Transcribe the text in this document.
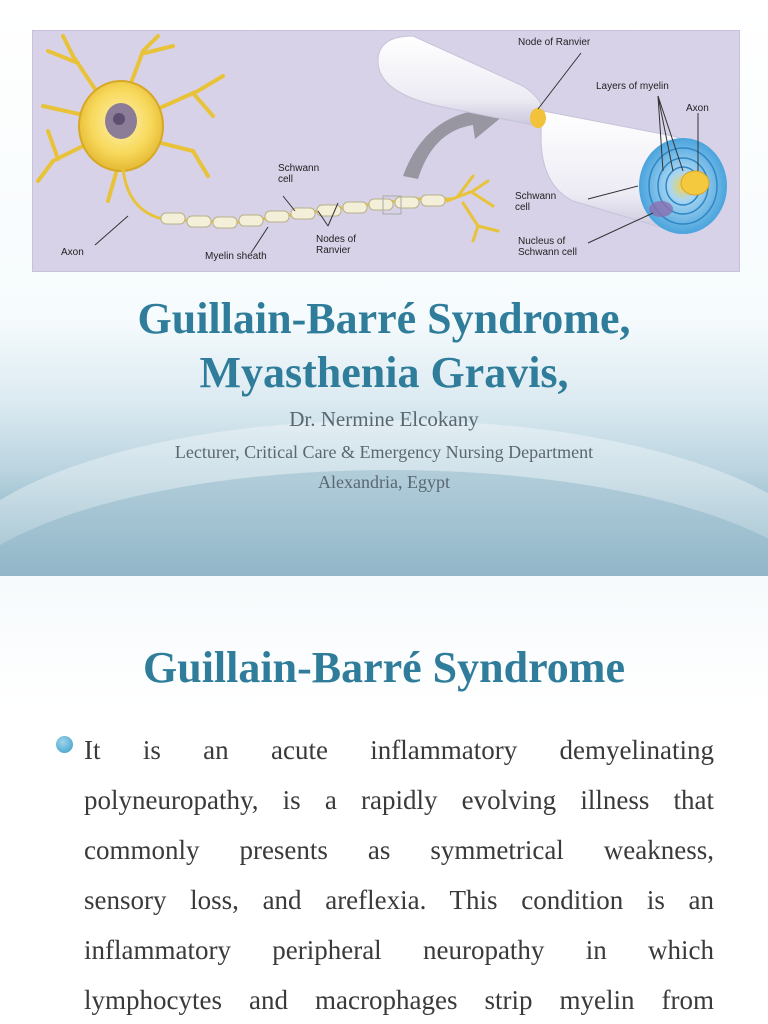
Node of Ranvier
Layers of myelin
Axon
Schwann
cell
Schwann
cell
Axon	Myelin sheath
Nodes of
Ranvier
Nucleus of
Schwann cell
Guillain-Barré Syndrome,
Myasthenia Gravis,
Dr. Nermine Elcokany
Lecturer, Critical Care & Emergency Nursing Department
Alexandria, Egypt
Guillain-Barré Syndrome
It is an acute inflammatory demyelinating
polyneuropathy, is a rapidly evolving illness that
commonly presents as symmetrical weakness,
sensory loss, and areflexia. This condition is an
inflammatory peripheral neuropathy in which
lymphocytes and macrophages strip myelin from
